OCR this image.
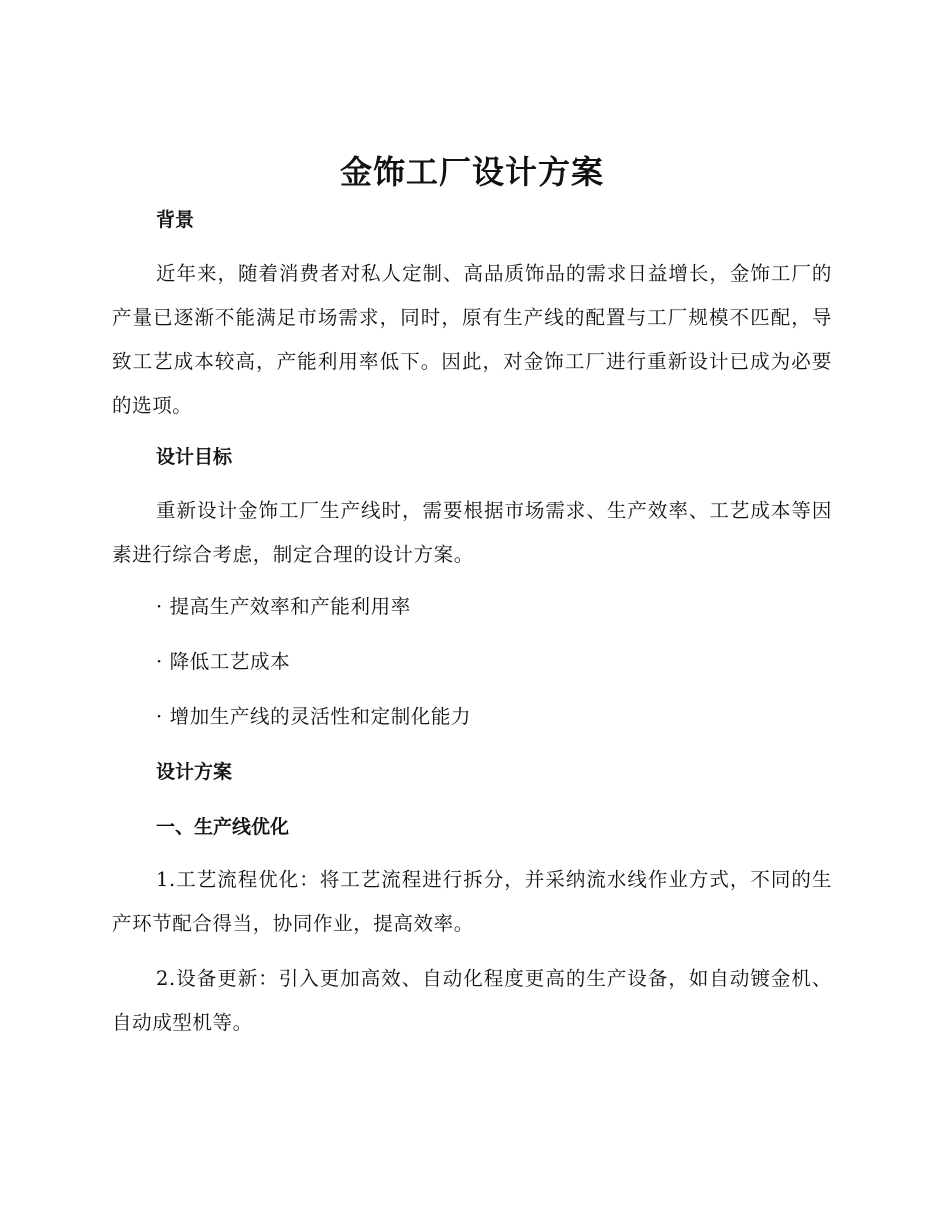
金饰工厂设计方案
背景

近年来，随着消费者对私人定制、高品质饰品的需求日益增长，金饰工厂的产量已逐渐不能满足市场需求，同时，原有生产线的配置与工厂规模不匹配，导致工艺成本较高，产能利用率低下。因此，对金饰工厂进行重新设计已成为必要的选项。

设计目标

重新设计金饰工厂生产线时，需要根据市场需求、生产效率、工艺成本等因素进行综合考虑，制定合理的设计方案。

· 提高生产效率和产能利用率
· 降低工艺成本
· 增加生产线的灵活性和定制化能力
设计方案
一、生产线优化

1.工艺流程优化：将工艺流程进行拆分，并采纳流水线作业方式，不同的生产环节配合得当，协同作业，提高效率。

2.设备更新：引入更加高效、自动化程度更高的生产设备，如自动镀金机、自动成型机等。
